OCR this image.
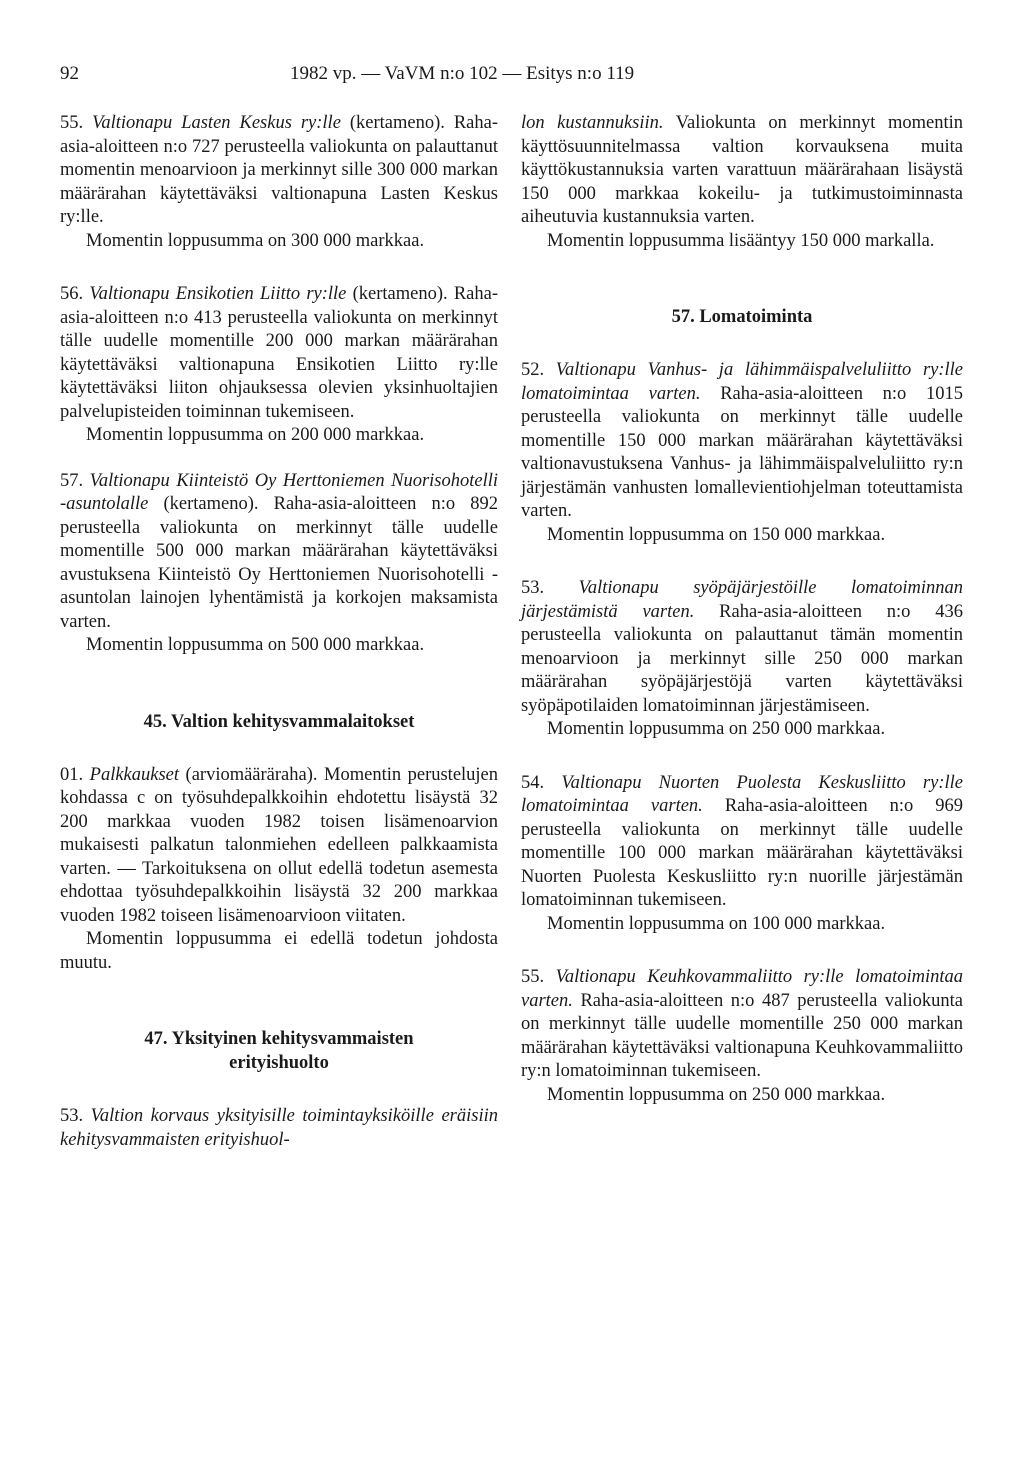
92	1982 vp. — VaVM n:o 102 — Esitys n:o 119

55. Valtionapu Lasten Keskus ry:lle (kertameno). Raha-asia-aloitteen n:o 727 perusteella valiokunta on palauttanut momentin menoarvioon ja merkinnyt sille 300 000 markan määrärahan käytettäväksi valtionapuna Lasten Keskus ry:lle.

Momentin loppusumma on 300 000 markkaa.

56. Valtionapu Ensikotien Liitto ry:lle (kertameno). Raha-asia-aloitteen n:o 413 perusteella valiokunta on merkinnyt tälle uudelle momentille 200 000 markan määrärahan käytettäväksi valtionapuna Ensikotien Liitto ry:lle käytettäväksi liiton ohjauksessa olevien yksinhuoltajien palvelupisteiden toiminnan tukemiseen.

Momentin loppusumma on 200 000 markkaa.

57. Valtionapu Kiinteistö Oy Herttoniemen Nuorisohotelli -asuntolalle (kertameno). Raha-asia-aloitteen n:o 892 perusteella valiokunta on merkinnyt tälle uudelle momentille 500 000 markan määrärahan käytettäväksi avustuksena Kiinteistö Oy Herttoniemen Nuorisohotelli -asuntolan lainojen lyhentämistä ja korkojen maksamista varten.

Momentin loppusumma on 500 000 markkaa.

45. Valtion kehitysvammalaitokset

01. Palkkaukset (arviomääräraha). Momentin perustelujen kohdassa c on työsuhdepalkkoihin ehdotettu lisäystä 32 200 markkaa vuoden 1982 toisen lisämenoarvion mukaisesti palkatun talonmiehen edelleen palkkaamista varten. — Tarkoituksena on ollut edellä todetun asemesta ehdottaa työsuhdepalkkoihin lisäystä 32 200 markkaa vuoden 1982 toiseen lisämenoarvioon viitaten.

Momentin loppusumma ei edellä todetun johdosta muutu.

47. Yksityinen kehitysvammaisten
erityishuolto

53. Valtion korvaus yksityisille toimintayksiköille eräisiin kehitysvammaisten erityishuol-

lon kustannuksiin. Valiokunta on merkinnyt momentin käyttösuunnitelmassa valtion korvauksena muita käyttökustannuksia varten varattuun määrärahaan lisäystä 150 000 markkaa kokeilu- ja tutkimustoiminnasta aiheutuvia kustannuksia varten.

Momentin loppusumma lisääntyy 150 000 markalla.

57. Lomatoiminta

52. Valtionapu Vanhus- ja lähimmäispalveluliitto ry:lle lomatoimintaa varten. Raha-asia-aloitteen n:o 1015 perusteella valiokunta on merkinnyt tälle uudelle momentille 150 000 markan määrärahan käytettäväksi valtionavustuksena Vanhus- ja lähimmäispalveluliitto ry:n järjestämän vanhusten lomallevientiohjelman toteuttamista varten.

Momentin loppusumma on 150 000 markkaa.

53. Valtionapu syöpäjärjestöille lomatoiminnan järjestämistä varten. Raha-asia-aloitteen n:o 436 perusteella valiokunta on palauttanut tämän momentin menoarvioon ja merkinnyt sille 250 000 markan määrärahan syöpäjärjestöjä varten käytettäväksi syöpäpotilaiden lomatoiminnan järjestämiseen.

Momentin loppusumma on 250 000 markkaa.

54. Valtionapu Nuorten Puolesta Keskusliitto ry:lle lomatoimintaa varten. Raha-asia-aloitteen n:o 969 perusteella valiokunta on merkinnyt tälle uudelle momentille 100 000 markan määrärahan käytettäväksi Nuorten Puolesta Keskusliitto ry:n nuorille järjestämän lomatoiminnan tukemiseen.

Momentin loppusumma on 100 000 markkaa.

55. Valtionapu Keuhkovammaliitto ry:lle lomatoimintaa varten. Raha-asia-aloitteen n:o 487 perusteella valiokunta on merkinnyt tälle uudelle momentille 250 000 markan määrärahan käytettäväksi valtionapuna Keuhkovammaliitto ry:n lomatoiminnan tukemiseen.

Momentin loppusumma on 250 000 markkaa.
